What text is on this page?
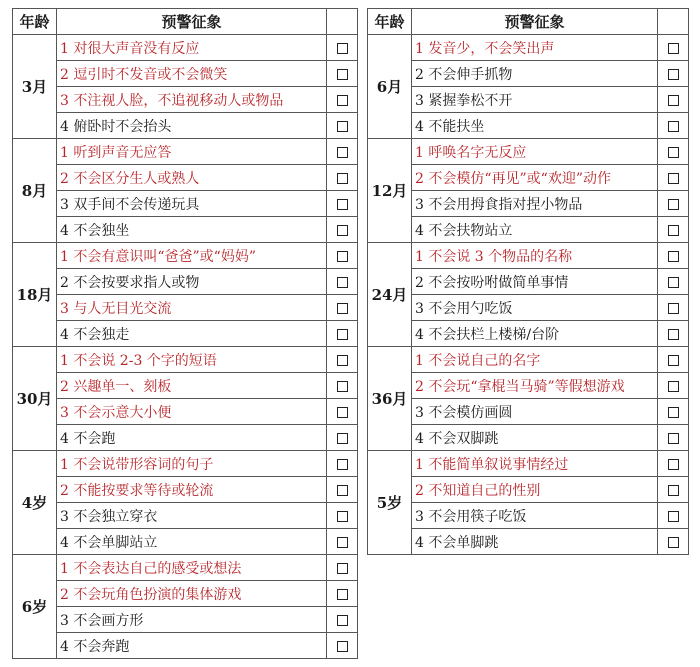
年龄	预警征象	
3月	1 对很大声音没有反应	
	2 逗引时不发音或不会微笑	
	3 不注视人脸，不追视移动人或物品	
	4 俯卧时不会抬头	
8月	1 听到声音无应答	
	2 不会区分生人或熟人	
	3 双手间不会传递玩具	
	4 不会独坐	
18月	1 不会有意识叫“爸爸”或“妈妈”	
	2 不会按要求指人或物	
	3 与人无目光交流	
	4 不会独走	
30月	1 不会说 2-3 个字的短语	
	2 兴趣单一、刻板	
	3 不会示意大小便	
	4 不会跑	
4岁	1 不会说带形容词的句子	
	2 不能按要求等待或轮流	
	3 不会独立穿衣	
	4 不会单脚站立	
6岁	1 不会表达自己的感受或想法	
	2 不会玩角色扮演的集体游戏	
	3 不会画方形	
	4 不会奔跑	
年龄	预警征象	
6月	1 发音少，不会笑出声	
	2 不会伸手抓物	
	3 紧握拳松不开	
	4 不能扶坐	
12月	1 呼唤名字无反应	
	2 不会模仿“再见”或“欢迎”动作	
	3 不会用拇食指对捏小物品	
	4 不会扶物站立	
24月	1 不会说 3 个物品的名称	
	2 不会按吩咐做简单事情	
	3 不会用勺吃饭	
	4 不会扶栏上楼梯/台阶	
36月	1 不会说自己的名字	
	2 不会玩“拿棍当马骑”等假想游戏	
	3 不会模仿画圆	
	4 不会双脚跳	
5岁	1 不能简单叙说事情经过	
	2 不知道自己的性别	
	3 不会用筷子吃饭	
	4 不会单脚跳	
